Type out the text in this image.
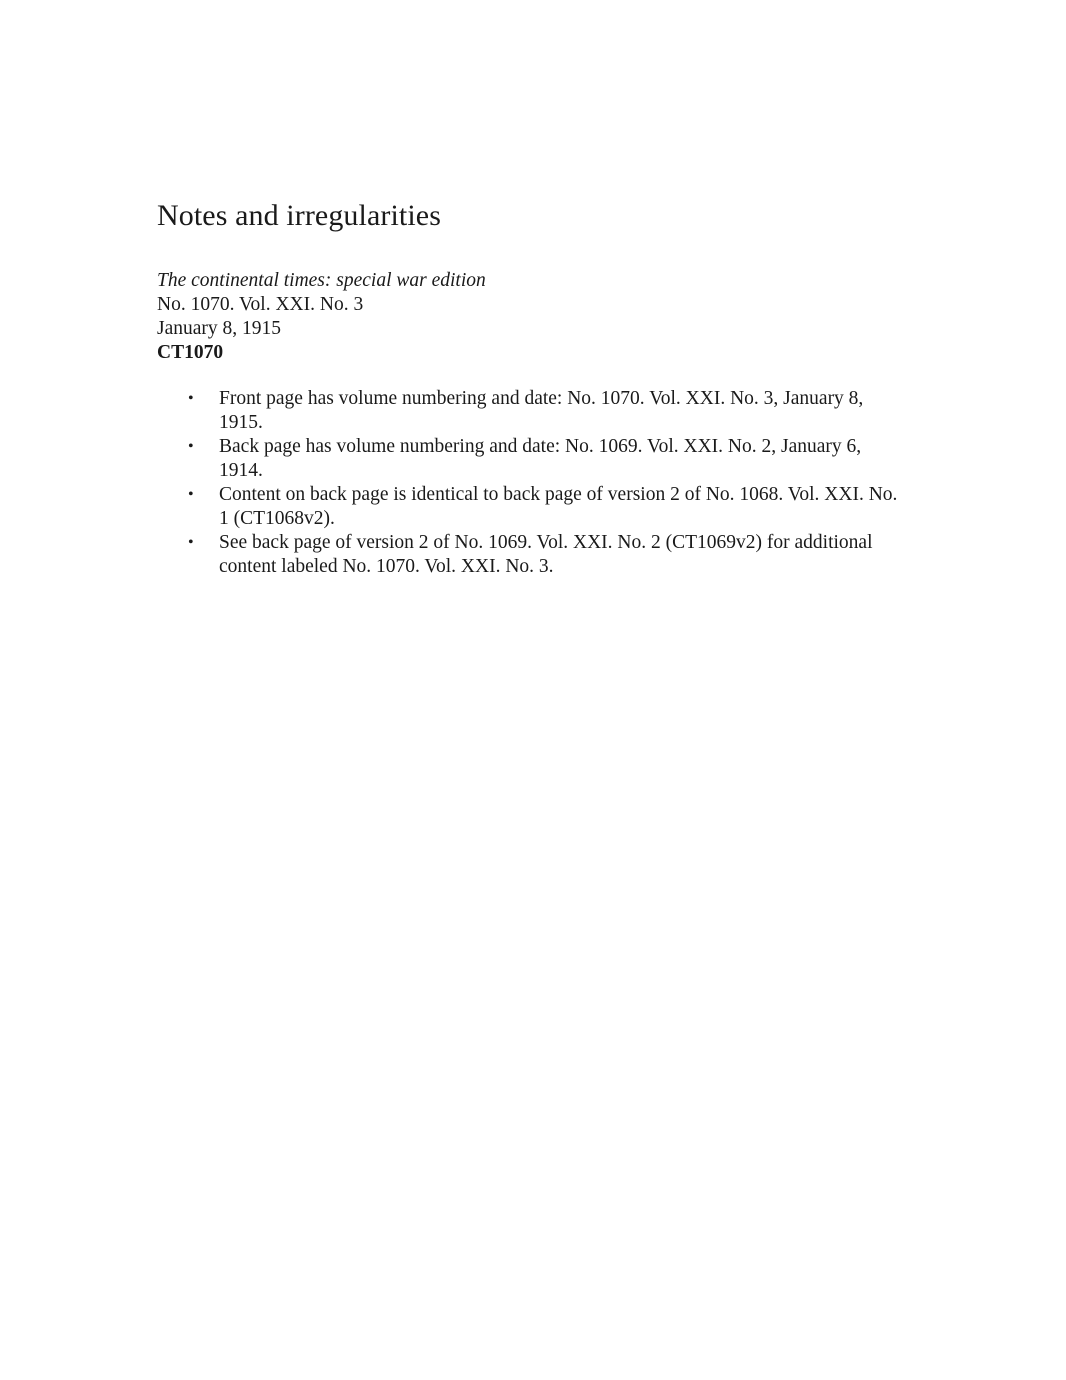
Notes and irregularities
The continental times: special war edition
No. 1070. Vol. XXI. No. 3
January 8, 1915
CT1070
• Front page has volume numbering and date: No. 1070. Vol. XXI. No. 3, January 8, 1915.
• Back page has volume numbering and date: No. 1069. Vol. XXI. No. 2, January 6, 1914.
• Content on back page is identical to back page of version 2 of No. 1068. Vol. XXI. No. 1 (CT1068v2).
• See back page of version 2 of No. 1069. Vol. XXI. No. 2 (CT1069v2) for additional content labeled No. 1070. Vol. XXI. No. 3.
